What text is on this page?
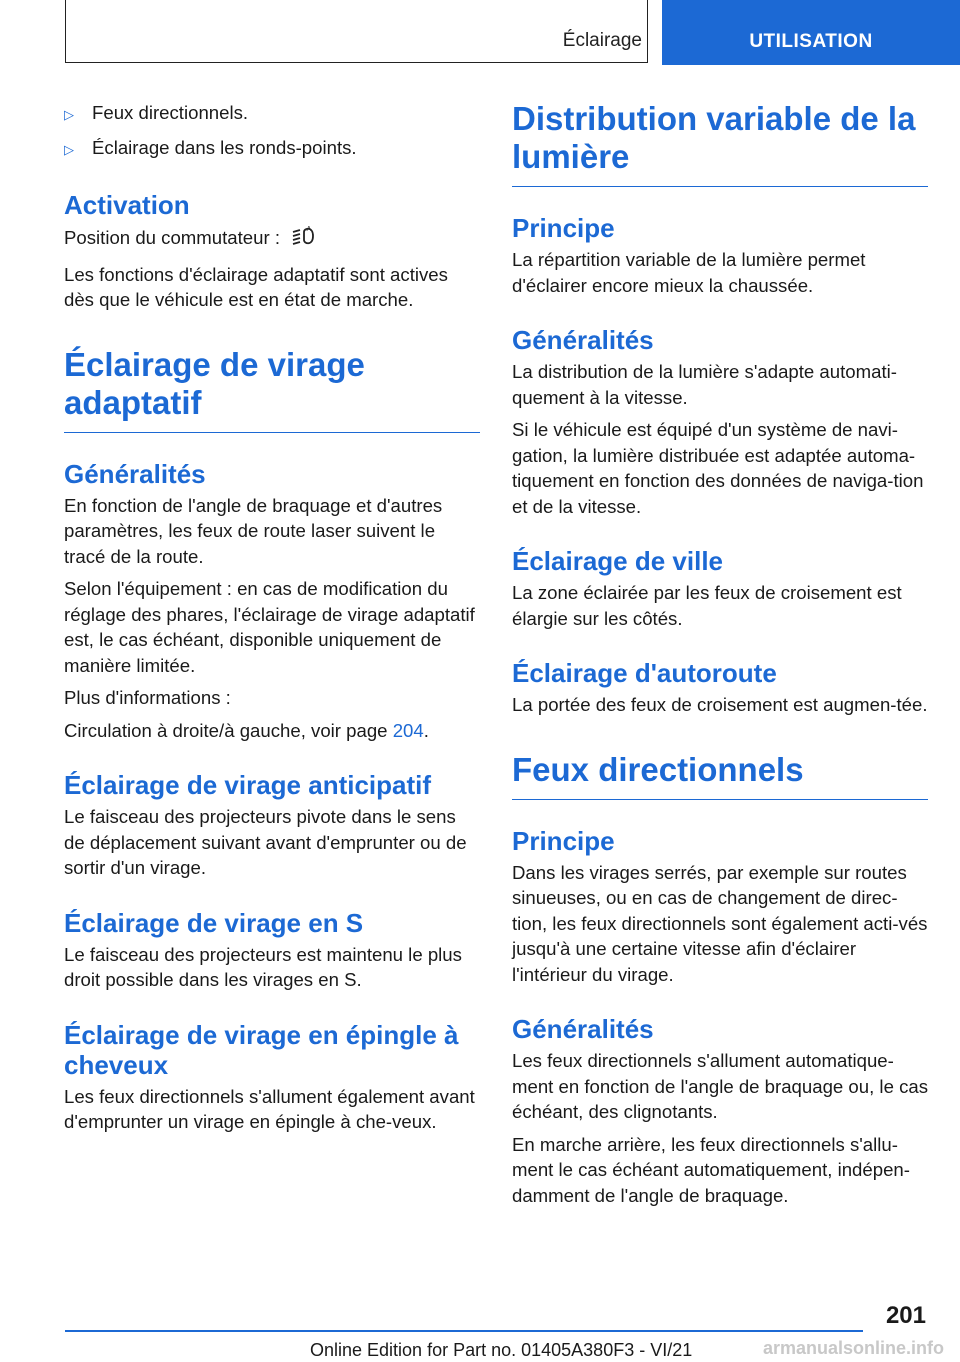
Éclairage	UTILISATION
▷ Feux directionnels.
▷ Éclairage dans les ronds-points.
Activation

Position du commutateur :	A

Les fonctions d'éclairage adaptatif sont actives dès que le véhicule est en état de marche.

Éclairage de virage adaptatif
Généralités

En fonction de l'angle de braquage et d'autres paramètres, les feux de route laser suivent le tracé de la route.

Selon l'équipement : en cas de modification du réglage des phares, l'éclairage de virage adaptatif est, le cas échéant, disponible uniquement de manière limitée.

Plus d'informations :

Circulation à droite/à gauche, voir page 204.

Éclairage de virage anticipatif

Le faisceau des projecteurs pivote dans le sens de déplacement suivant avant d'emprunter ou de sortir d'un virage.

Éclairage de virage en S

Le faisceau des projecteurs est maintenu le plus droit possible dans les virages en S.

Éclairage de virage en épingle à cheveux

Les feux directionnels s'allument également avant d'emprunter un virage en épingle à che-veux.

Distribution variable de la lumière
Principe

La répartition variable de la lumière permet d'éclairer encore mieux la chaussée.

Généralités

La distribution de la lumière s'adapte automati-quement à la vitesse.

Si le véhicule est équipé d'un système de navi-gation, la lumière distribuée est adaptée automa-tiquement en fonction des données de naviga-tion et de la vitesse.

Éclairage de ville

La zone éclairée par les feux de croisement est élargie sur les côtés.

Éclairage d'autoroute

La portée des feux de croisement est augmen-tée.

Feux directionnels
Principe

Dans les virages serrés, par exemple sur routes sinueuses, ou en cas de changement de direc-tion, les feux directionnels sont également acti-vés jusqu'à une certaine vitesse afin d'éclairer l'intérieur du virage.

Généralités

Les feux directionnels s'allument automatique-ment en fonction de l'angle de braquage ou, le cas échéant, des clignotants.

En marche arrière, les feux directionnels s'allu-ment le cas échéant automatiquement, indépen-damment de l'angle de braquage.

201
Online Edition for Part no. 01405A380F3 - VI/21	armanualsonline.info
